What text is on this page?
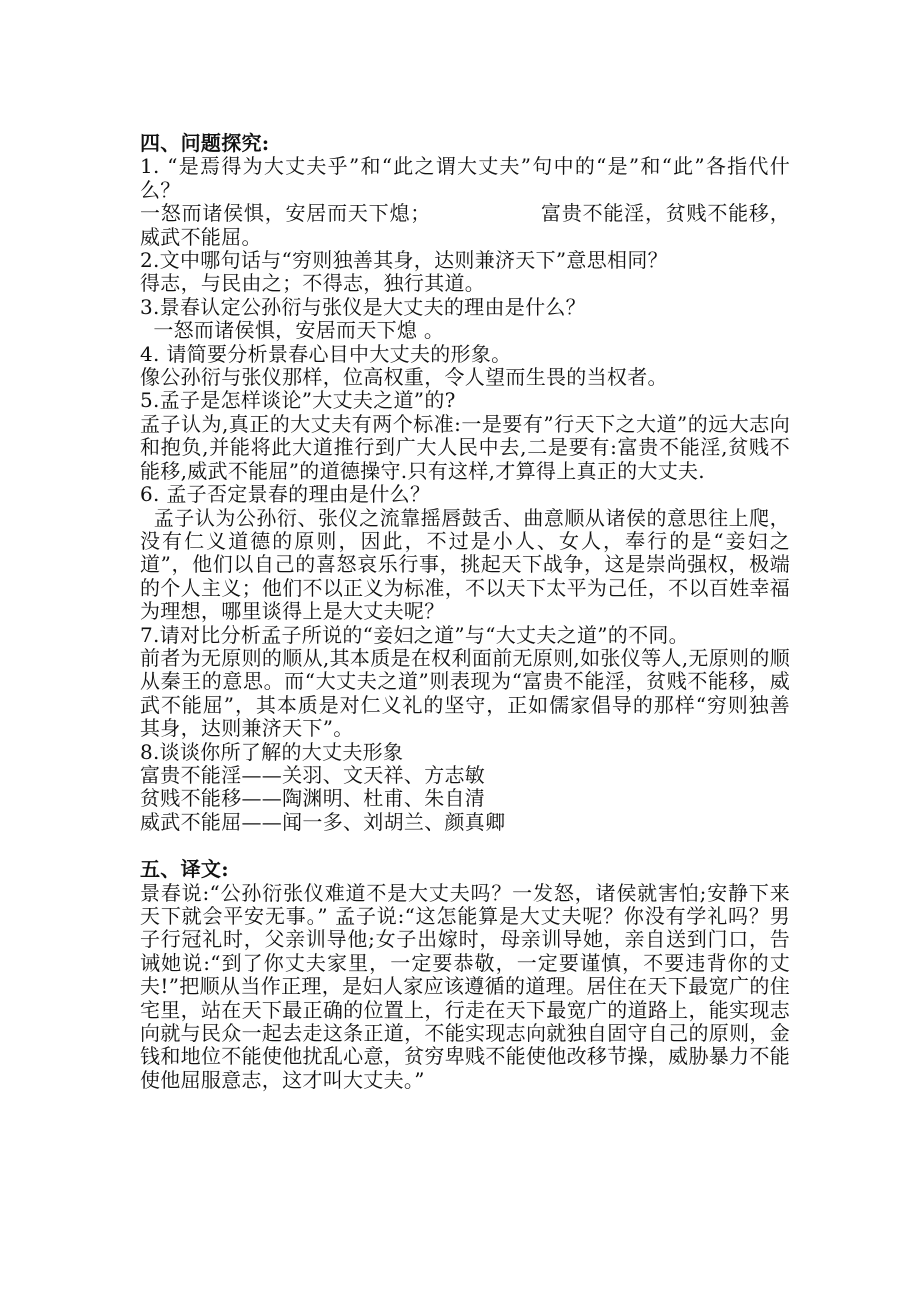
四、问题探究:
1. “是焉得为大丈夫乎”和“此之谓大丈夫”句中的“是”和“此”各指代什么？
一怒而诸侯惧，安居而天下熄；	富贵不能淫，贫贱不能移，威武不能屈。
2.文中哪句话与“穷则独善其身，达则兼济天下”意思相同？
得志，与民由之；不得志，独行其道。
3.景春认定公孙衍与张仪是大丈夫的理由是什么？
一怒而诸侯惧，安居而天下熄 。
4. 请简要分析景春心目中大丈夫的形象。
像公孙衍与张仪那样，位高权重，令人望而生畏的当权者。
5.孟子是怎样谈论”大丈夫之道”的?
孟子认为,真正的大丈夫有两个标准:一是要有”行天下之大道”的远大志向和抱负,并能将此大道推行到广大人民中去,二是要有:富贵不能淫,贫贱不能移,威武不能屈”的道德操守.只有这样,才算得上真正的大丈夫.
6. 孟子否定景春的理由是什么？
孟子认为公孙衍、张仪之流靠摇唇鼓舌、曲意顺从诸侯的意思往上爬，没有仁义道德的原则，因此，不过是小人、女人，奉行的是“妾妇之道”，他们以自己的喜怒哀乐行事，挑起天下战争，这是崇尚强权，极端的个人主义；他们不以正义为标准，不以天下太平为己任，不以百姓幸福为理想，哪里谈得上是大丈夫呢？
7.请对比分析孟子所说的“妾妇之道”与“大丈夫之道”的不同。
前者为无原则的顺从,其本质是在权利面前无原则,如张仪等人,无原则的顺从秦王的意思。而“大丈夫之道”则表现为“富贵不能淫，贫贱不能移，威武不能屈”，其本质是对仁义礼的坚守，正如儒家倡导的那样“穷则独善其身，达则兼济天下”。
8.谈谈你所了解的大丈夫形象
富贵不能淫——关羽、文天祥、方志敏
贫贱不能移——陶渊明、杜甫、朱自清
威武不能屈——闻一多、刘胡兰、颜真卿
五、译文:
景春说:“公孙衍张仪难道不是大丈夫吗？一发怒，诸侯就害怕;安静下来天下就会平安无事。” 孟子说:“这怎能算是大丈夫呢？你没有学礼吗？男子行冠礼时，父亲训导他;女子出嫁时，母亲训导她，亲自送到门口，告诫她说:“到了你丈夫家里，一定要恭敬，一定要谨慎，不要违背你的丈夫!”把顺从当作正理，是妇人家应该遵循的道理。居住在天下最宽广的住宅里，站在天下最正确的位置上，行走在天下最宽广的道路上，能实现志向就与民众一起去走这条正道，不能实现志向就独自固守自己的原则，金钱和地位不能使他扰乱心意，贫穷卑贱不能使他改移节操，威胁暴力不能使他屈服意志，这才叫大丈夫。”
